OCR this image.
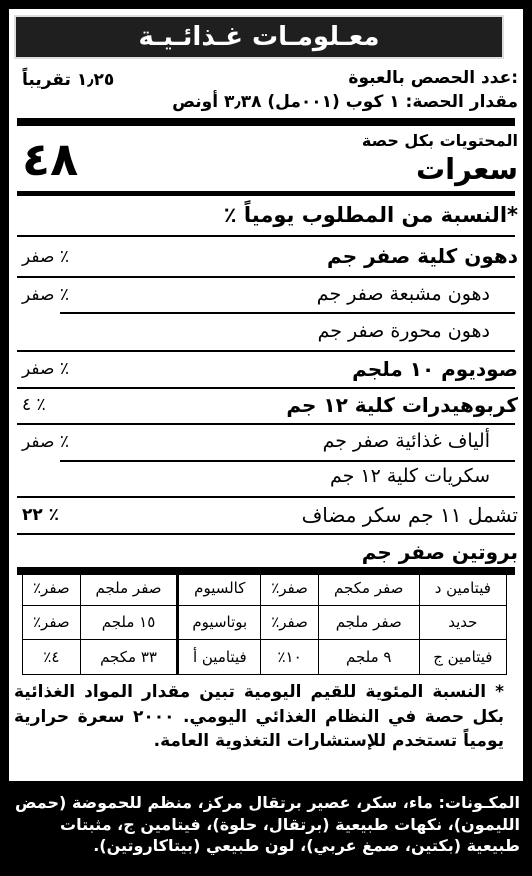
معـلومـات غـذائـيـة
عدد الحصص بالعبوة:
١٫٢٥ تقريباً
مقدار الحصة: ١ كوب (٠٠١مل) ٣٫٣٨ أونص
المحتويات بكل حصة
سعرات
٤٨
٪ النسبة من المطلوب يومياً*
دهون كلية صفر جم
صفر ٪
دهون مشبعة صفر جم
صفر ٪
دهون محورة صفر جم
صوديوم ١٠ ملجم
صفر ٪
كربوهيدرات كلية ١٢ جم
٤ ٪
ألياف غذائية صفر جم
صفر ٪
سكريات كلية ١٢ جم
تشمل ١١ جم سكر مضاف
٢٢ ٪
بروتين صفر جم
فيتامين د	صفر مكجم	صفر٪	كالسيوم	صفر ملجم	صفر٪
حديد	صفر ملجم	صفر٪	بوتاسيوم	١٥ ملجم	صفر٪
فيتامين ج	٩ ملجم	١٠٪	فيتامين أ	٣٣ مكجم	٤٪
* النسبة المئوية للقيم اليومية تبين مقدار المواد الغذائية بكل حصة في النظام الغذائي اليومي. ٢٠٠٠ سعرة حرارية يومياً تستخدم للإستشارات التغذوية العامة.
المكـونات: ماء، سكر، عصير برتقال مركز، منظم للحموضة (حمض الليمون)، نكهات طبيعية (برتقال، حلوة)، فيتامين ج، مثبتات طبيعية (بكتين، صمغ عربي)، لون طبيعي (بيتاكاروتين).
